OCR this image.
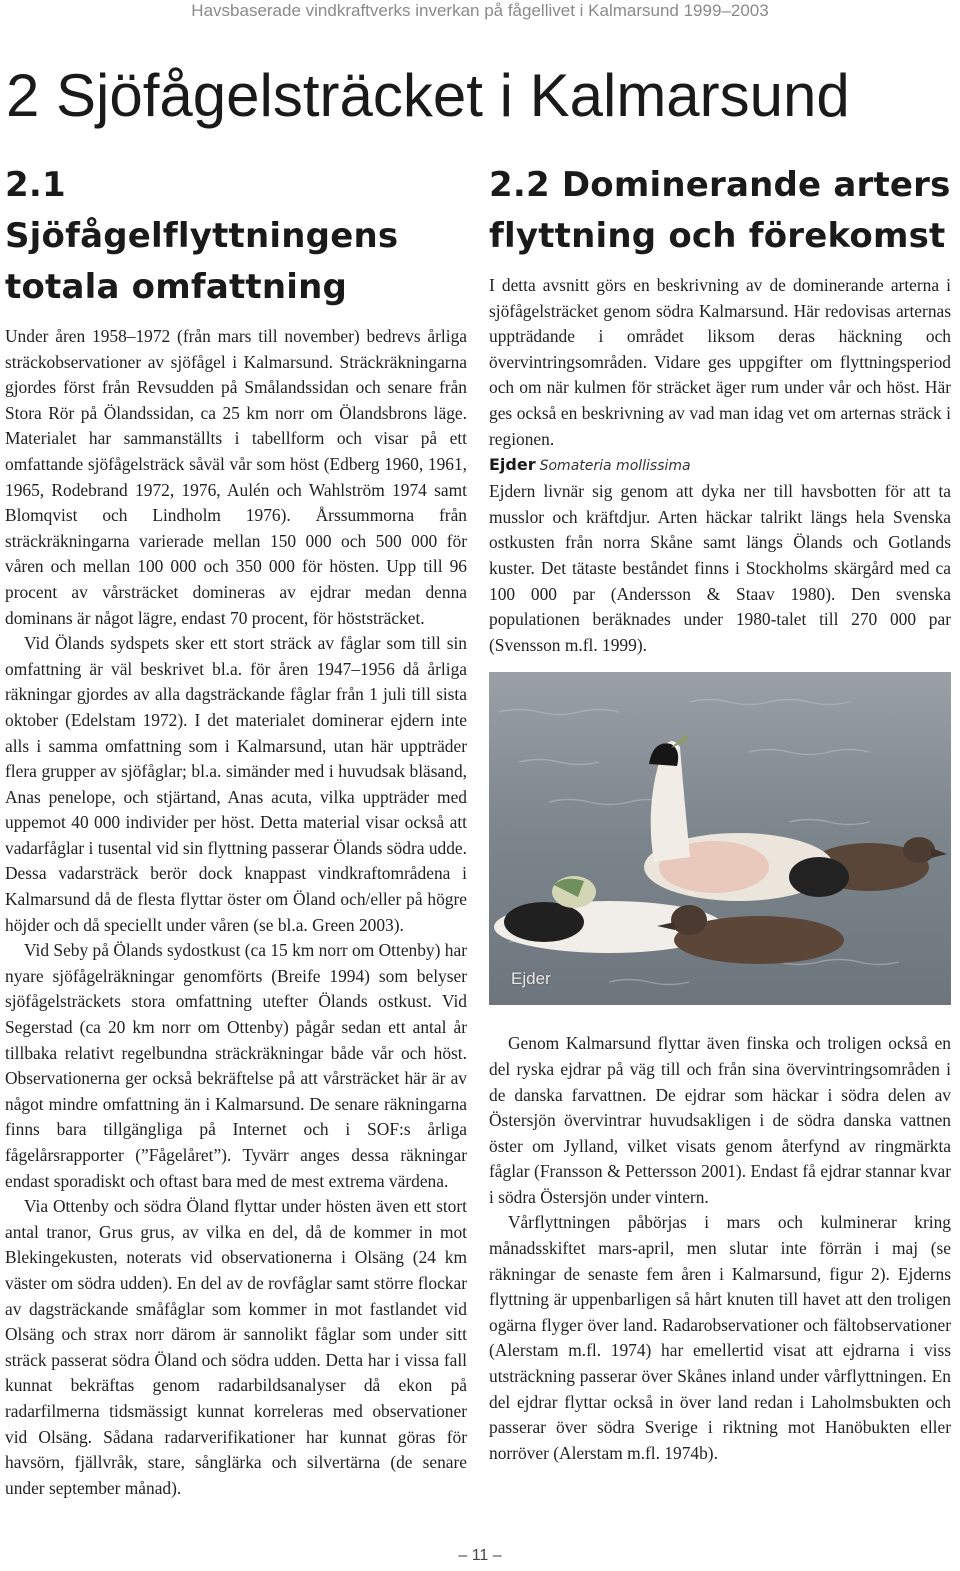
Havsbaserade vindkraftverks inverkan på fågellivet i Kalmarsund 1999–2003
2 Sjöfågelsträcket i Kalmarsund
2.1 Sjöfågelflyttningens totala omfattning

Under åren 1958–1972 (från mars till november) bedrevs årliga sträckobservationer av sjöfågel i Kalmarsund. Sträckräkningarna gjordes först från Revsudden på Smålandssidan och senare från Stora Rör på Ölandssidan, ca 25 km norr om Ölandsbrons läge. Materialet har sammanställts i tabellform och visar på ett omfattande sjöfågelsträck såväl vår som höst (Edberg 1960, 1961, 1965, Rodebrand 1972, 1976, Aulén och Wahlström 1974 samt Blomqvist och Lindholm 1976). Årssummorna från sträckräkningarna varierade mellan 150 000 och 500 000 för våren och mellan 100 000 och 350 000 för hösten. Upp till 96 procent av vårsträcket domineras av ejdrar medan denna dominans är något lägre, endast 70 procent, för höststräcket.

Vid Ölands sydspets sker ett stort sträck av fåglar som till sin omfattning är väl beskrivet bl.a. för åren 1947–1956 då årliga räkningar gjordes av alla dagsträckande fåglar från 1 juli till sista oktober (Edelstam 1972). I det materialet dominerar ejdern inte alls i samma omfattning som i Kalmarsund, utan här uppträder flera grupper av sjöfåglar; bl.a. simänder med i huvudsak bläsand, Anas penelope, och stjärtand, Anas acuta, vilka uppträder med uppemot 40 000 individer per höst. Detta material visar också att vadarfåglar i tusental vid sin flyttning passerar Ölands södra udde. Dessa vadarsträck berör dock knappast vindkraftområdena i Kalmarsund då de flesta flyttar öster om Öland och/eller på högre höjder och då speciellt under våren (se bl.a. Green 2003).

Vid Seby på Ölands sydostkust (ca 15 km norr om Ottenby) har nyare sjöfågelräkningar genomförts (Breife 1994) som belyser sjöfågelsträckets stora omfattning utefter Ölands ostkust. Vid Segerstad (ca 20 km norr om Ottenby) pågår sedan ett antal år tillbaka relativt regelbundna sträckräkningar både vår och höst. Observationerna ger också bekräftelse på att vårsträcket här är av något mindre omfattning än i Kalmarsund. De senare räkningarna finns bara tillgängliga på Internet och i SOF:s årliga fågelårsrapporter (”Fågelåret”). Tyvärr anges dessa räkningar endast sporadiskt och oftast bara med de mest extrema värdena.

Via Ottenby och södra Öland flyttar under hösten även ett stort antal tranor, Grus grus, av vilka en del, då de kommer in mot Blekingekusten, noterats vid observationerna i Olsäng (24 km väster om södra udden). En del av de rovfåglar samt större flockar av dagsträckande småfåglar som kommer in mot fastlandet vid Olsäng och strax norr därom är sannolikt fåglar som under sitt sträck passerat södra Öland och södra udden. Detta har i vissa fall kunnat bekräftas genom radarbildsanalyser då ekon på radarfilmerna tidsmässigt kunnat korreleras med observationer vid Olsäng. Sådana radarverifikationer har kunnat göras för havsörn, fjällvråk, stare, sånglärka och silvertärna (de senare under september månad).

2.2 Dominerande arters flyttning och förekomst

I detta avsnitt görs en beskrivning av de dominerande arterna i sjöfågelsträcket genom södra Kalmarsund. Här redovisas arternas uppträdande i området liksom deras häckning och övervintringsområden. Vidare ges uppgifter om flyttningsperiod och om när kulmen för sträcket äger rum under vår och höst. Här ges också en beskrivning av vad man idag vet om arternas sträck i regionen.

Ejder Somateria mollissima

Ejdern livnär sig genom att dyka ner till havsbotten för att ta musslor och kräftdjur. Arten häckar talrikt längs hela Svenska ostkusten från norra Skåne samt längs Ölands och Gotlands kuster. Det tätaste beståndet finns i Stockholms skärgård med ca 100 000 par (Andersson & Staav 1980). Den svenska populationen beräknades under 1980-talet till 270 000 par (Svensson m.fl. 1999).

Ejder

Genom Kalmarsund flyttar även finska och troligen också en del ryska ejdrar på väg till och från sina övervintringsområden i de danska farvattnen. De ejdrar som häckar i södra delen av Östersjön övervintrar huvudsakligen i de södra danska vattnen öster om Jylland, vilket visats genom återfynd av ringmärkta fåglar (Fransson & Pettersson 2001). Endast få ejdrar stannar kvar i södra Östersjön under vintern.

Vårflyttningen påbörjas i mars och kulminerar kring månadsskiftet mars-april, men slutar inte förrän i maj (se räkningar de senaste fem åren i Kalmarsund, figur 2). Ejderns flyttning är uppenbarligen så hårt knuten till havet att den troligen ogärna flyger över land. Radarobservationer och fältobservationer (Alerstam m.fl. 1974) har emellertid visat att ejdrarna i viss utsträckning passerar över Skånes inland under vårflyttningen. En del ejdrar flyttar också in över land redan i Laholmsbukten och passerar över södra Sverige i riktning mot Hanöbukten eller norröver (Alerstam m.fl. 1974b).

– 11 –
